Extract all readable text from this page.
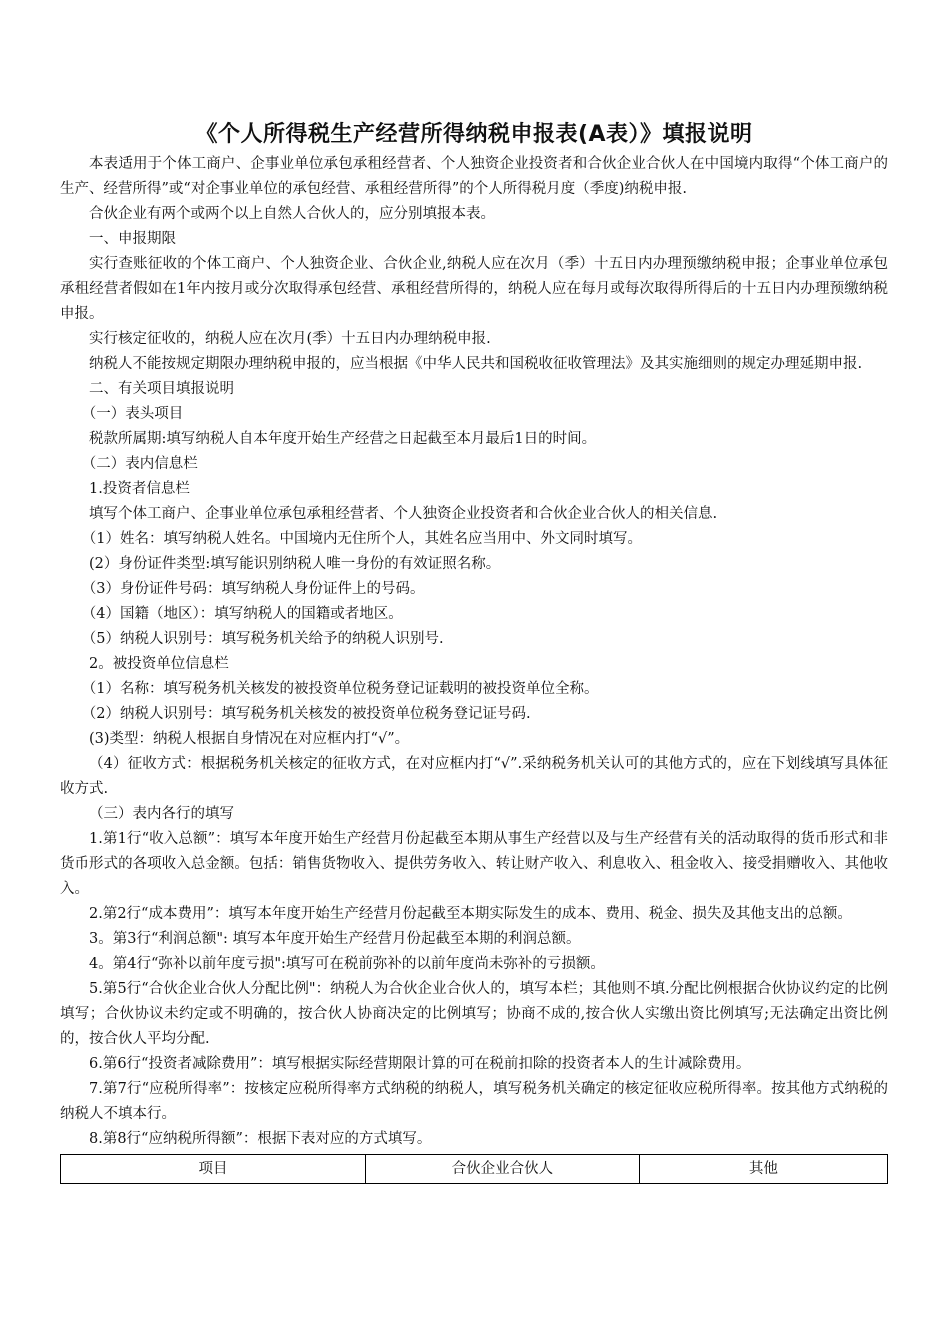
《个人所得税生产经营所得纳税申报表(A表）》填报说明

本表适用于个体工商户、企事业单位承包承租经营者、个人独资企业投资者和合伙企业合伙人在中国境内取得“个体工商户的生产、经营所得”或“对企事业单位的承包经营、承租经营所得”的个人所得税月度（季度)纳税申报.

合伙企业有两个或两个以上自然人合伙人的，应分别填报本表。

一、申报期限

实行查账征收的个体工商户、个人独资企业、合伙企业,纳税人应在次月（季）十五日内办理预缴纳税申报；企事业单位承包承租经营者假如在1年内按月或分次取得承包经营、承租经营所得的，纳税人应在每月或每次取得所得后的十五日内办理预缴纳税申报。

实行核定征收的，纳税人应在次月(季）十五日内办理纳税申报.

纳税人不能按规定期限办理纳税申报的，应当根据《中华人民共和国税收征收管理法》及其实施细则的规定办理延期申报.

二、有关项目填报说明

（一）表头项目

税款所属期:填写纳税人自本年度开始生产经营之日起截至本月最后1日的时间。

（二）表内信息栏

1.投资者信息栏

填写个体工商户、企事业单位承包承租经营者、个人独资企业投资者和合伙企业合伙人的相关信息.

（1）姓名：填写纳税人姓名。中国境内无住所个人，其姓名应当用中、外文同时填写。

(2）身份证件类型:填写能识别纳税人唯一身份的有效证照名称。

（3）身份证件号码：填写纳税人身份证件上的号码。

（4）国籍（地区）：填写纳税人的国籍或者地区。

（5）纳税人识别号：填写税务机关给予的纳税人识别号.

2。被投资单位信息栏

（1）名称：填写税务机关核发的被投资单位税务登记证载明的被投资单位全称。

（2）纳税人识别号：填写税务机关核发的被投资单位税务登记证号码.

(3)类型：纳税人根据自身情况在对应框内打“√”。

（4）征收方式：根据税务机关核定的征收方式，在对应框内打“√”.采纳税务机关认可的其他方式的，应在下划线填写具体征收方式.

（三）表内各行的填写

1.第1行“收入总额”：填写本年度开始生产经营月份起截至本期从事生产经营以及与生产经营有关的活动取得的货币形式和非货币形式的各项收入总金额。包括：销售货物收入、提供劳务收入、转让财产收入、利息收入、租金收入、接受捐赠收入、其他收入。

2.第2行“成本费用”：填写本年度开始生产经营月份起截至本期实际发生的成本、费用、税金、损失及其他支出的总额。

3。第3行“利润总额": 填写本年度开始生产经营月份起截至本期的利润总额。

4。第4行“弥补以前年度亏损":填写可在税前弥补的以前年度尚未弥补的亏损额。

5.第5行“合伙企业合伙人分配比例"：纳税人为合伙企业合伙人的，填写本栏；其他则不填.分配比例根据合伙协议约定的比例填写；合伙协议未约定或不明确的，按合伙人协商决定的比例填写；协商不成的,按合伙人实缴出资比例填写;无法确定出资比例的，按合伙人平均分配.

6.第6行“投资者减除费用”：填写根据实际经营期限计算的可在税前扣除的投资者本人的生计减除费用。

7.第7行“应税所得率”：按核定应税所得率方式纳税的纳税人，填写税务机关确定的核定征收应税所得率。按其他方式纳税的纳税人不填本行。

8.第8行“应纳税所得额”：根据下表对应的方式填写。

项目	合伙企业合伙人	其他
